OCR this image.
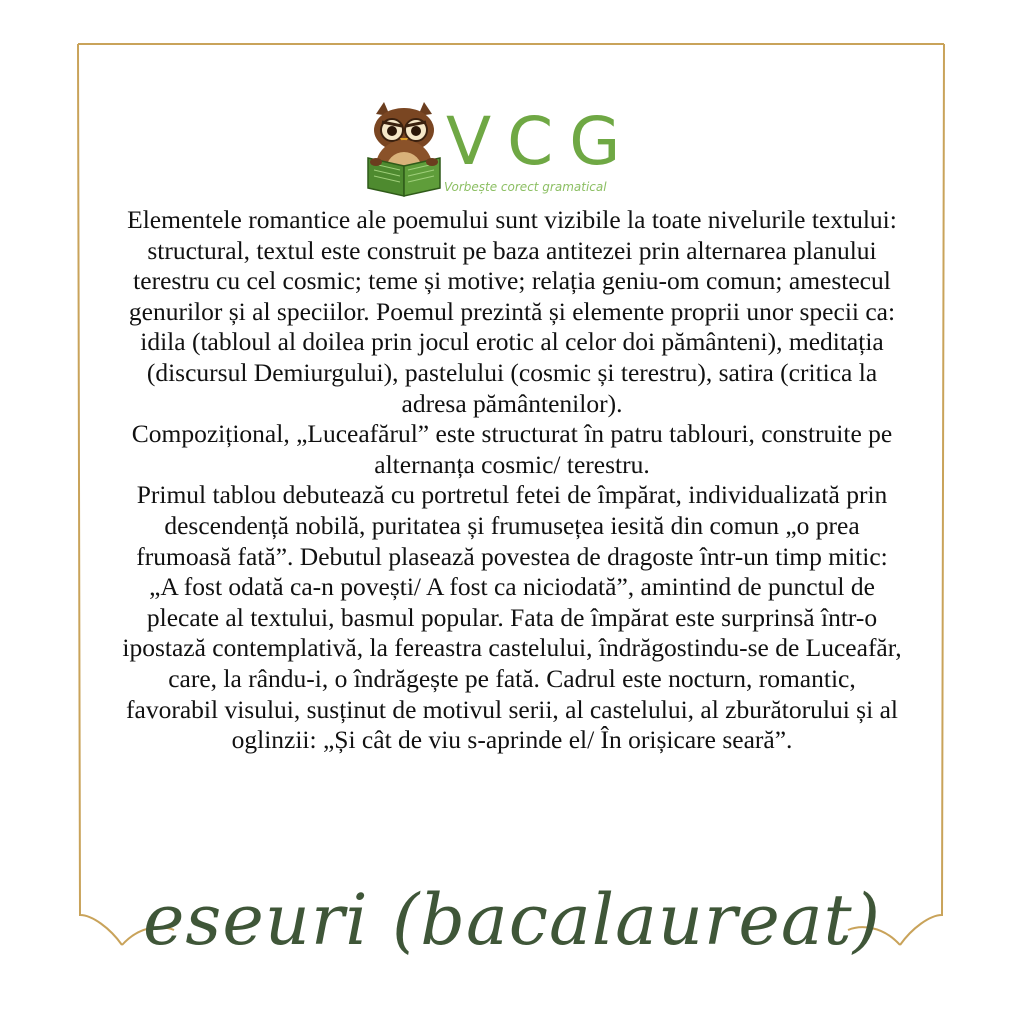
VCG
Vorbește corect gramatical

Elementele romantice ale poemului sunt vizibile la toate nivelurile textului: structural, textul este construit pe baza antitezei prin alternarea planului terestru cu cel cosmic; teme și motive; relația geniu-om comun; amestecul genurilor și al speciilor. Poemul prezintă și elemente proprii unor specii ca: idila (tabloul al doilea prin jocul erotic al celor doi pământeni), meditația (discursul Demiurgului), pastelului (cosmic și terestru), satira (critica la adresa pământenilor).

Compozițional, „Luceafărul” este structurat în patru tablouri, construite pe alternanța cosmic/ terestru.

Primul tablou debutează cu portretul fetei de împărat, individualizată prin descendență nobilă, puritatea și frumusețea iesită din comun „o prea frumoasă fată”. Debutul plasează povestea de dragoste într-un timp mitic: „A fost odată ca-n povești/ A fost ca niciodată”, amintind de punctul de plecate al textului, basmul popular. Fata de împărat este surprinsă într-o ipostază contemplativă, la fereastra castelului, îndrăgostindu-se de Luceafăr, care, la rându-i, o îndrăgește pe fată. Cadrul este nocturn, romantic, favorabil visului, susținut de motivul serii, al castelului, al zburătorului și al oglinzii: „Și cât de viu s-aprinde el/ În orișicare seară”.

eseuri (bacalaureat)
